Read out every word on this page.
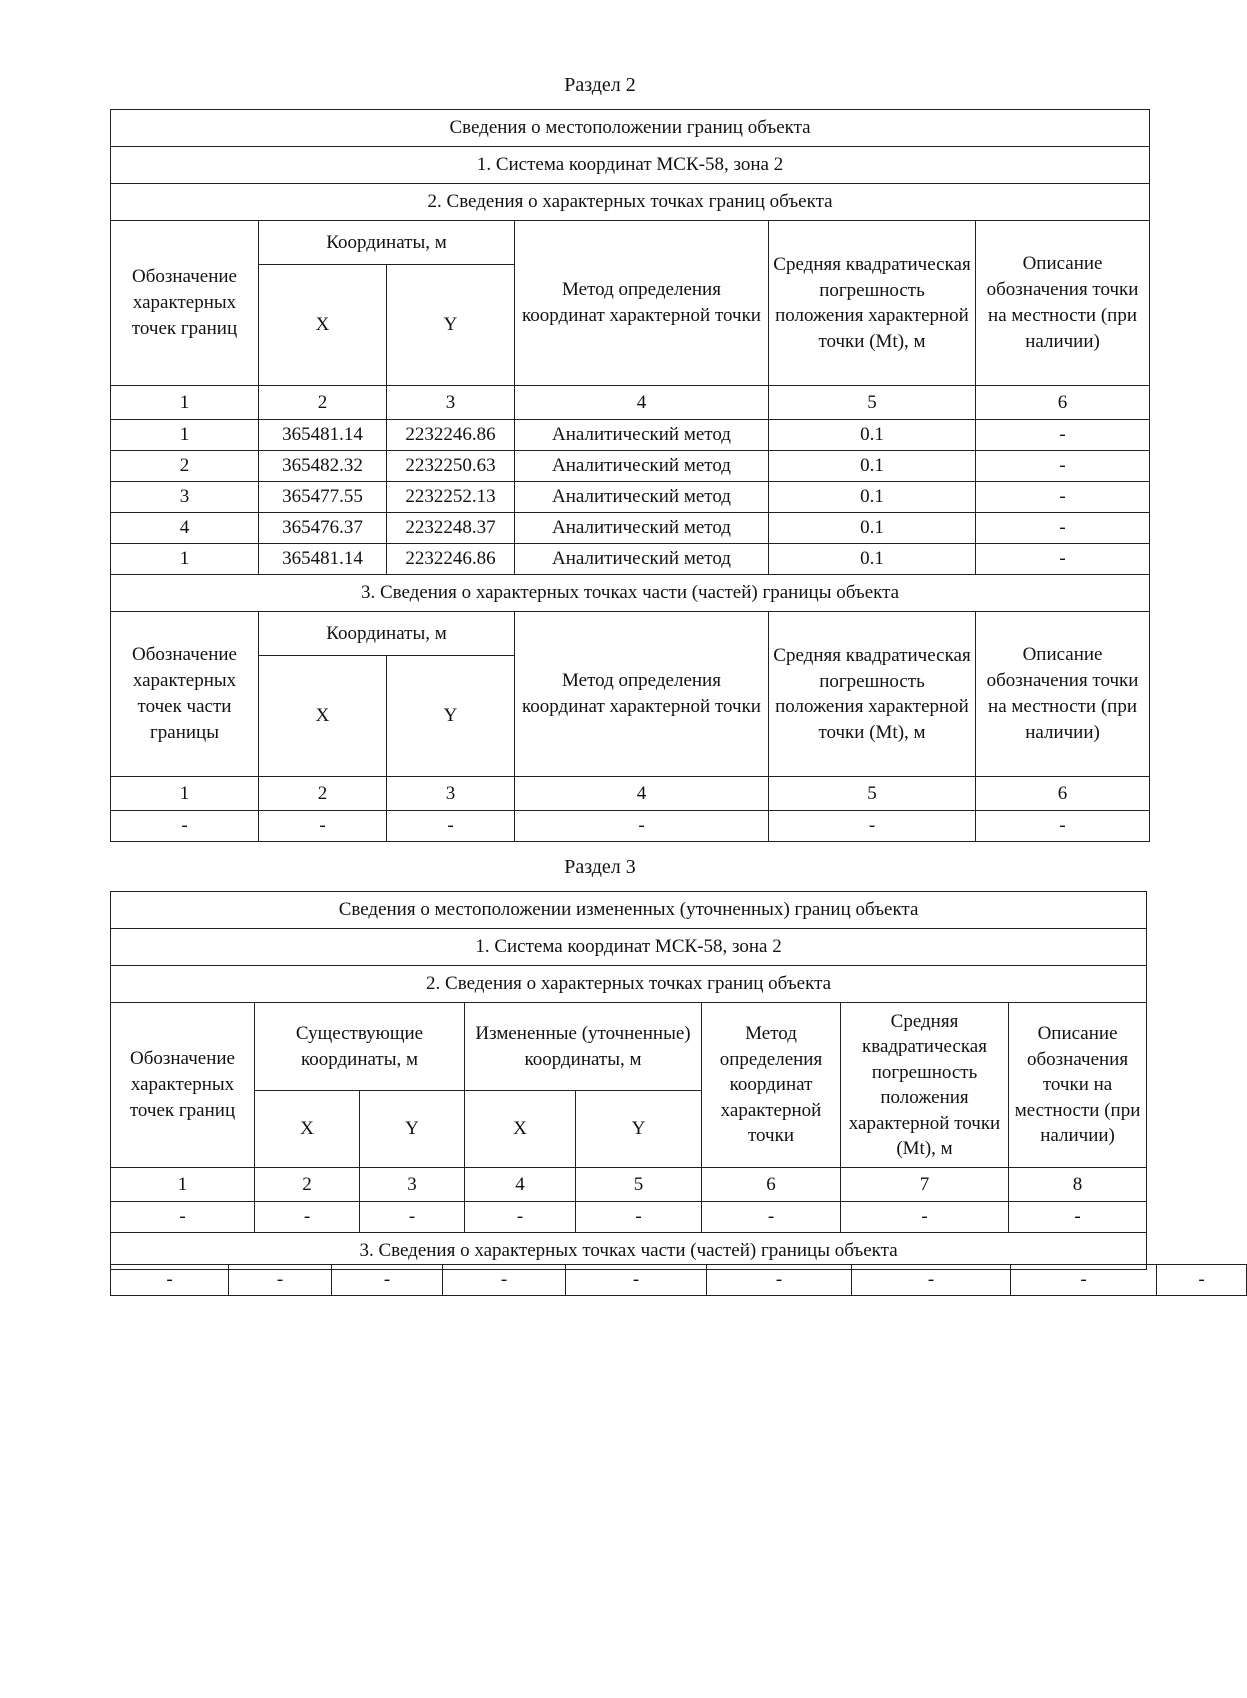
Раздел 2
Сведения о местоположении границ объекта					
1. Система координат МСК-58, зона 2					
2. Сведения о характерных точках границ объекта					
Обозначение характерных точек границ	Координаты, м		Метод определения координат характерной точки	Средняя квадратическая погрешность положения характерной точки (Mt), м	Описание обозначения точки на местности (при наличии)
	X	Y			
1	2	3	4	5	6
1	365481.14	2232246.86	Аналитический метод	0.1	-
2	365482.32	2232250.63	Аналитический метод	0.1	-
3	365477.55	2232252.13	Аналитический метод	0.1	-
4	365476.37	2232248.37	Аналитический метод	0.1	-
1	365481.14	2232246.86	Аналитический метод	0.1	-
3. Сведения о характерных точках части (частей) границы объекта					
Обозначение характерных точек части границы	Координаты, м		Метод определения координат характерной точки	Средняя квадратическая погрешность положения характерной точки (Mt), м	Описание обозначения точки на местности (при наличии)
	X	Y			
1	2	3	4	5	6
-	-	-	-	-	-
Раздел 3
Сведения о местоположении измененных (уточненных) границ объекта							
1. Система координат МСК-58, зона 2							
2. Сведения о характерных точках границ объекта							
Обозначение характерных точек границ	Существующие координаты, м		Измененные (уточненные) координаты, м		Метод определения координат характерной точки	Средняя квадратическая погрешность положения характерной точки (Mt), м	Описание обозначения точки на местности (при наличии)
	X	Y	X	Y			
1	2	3	4	5	6	7	8
-	-	-	-	-	-	-	-
3. Сведения о характерных точках части (частей) границы объекта							
-	-	-	-	-	-	-	-	-
